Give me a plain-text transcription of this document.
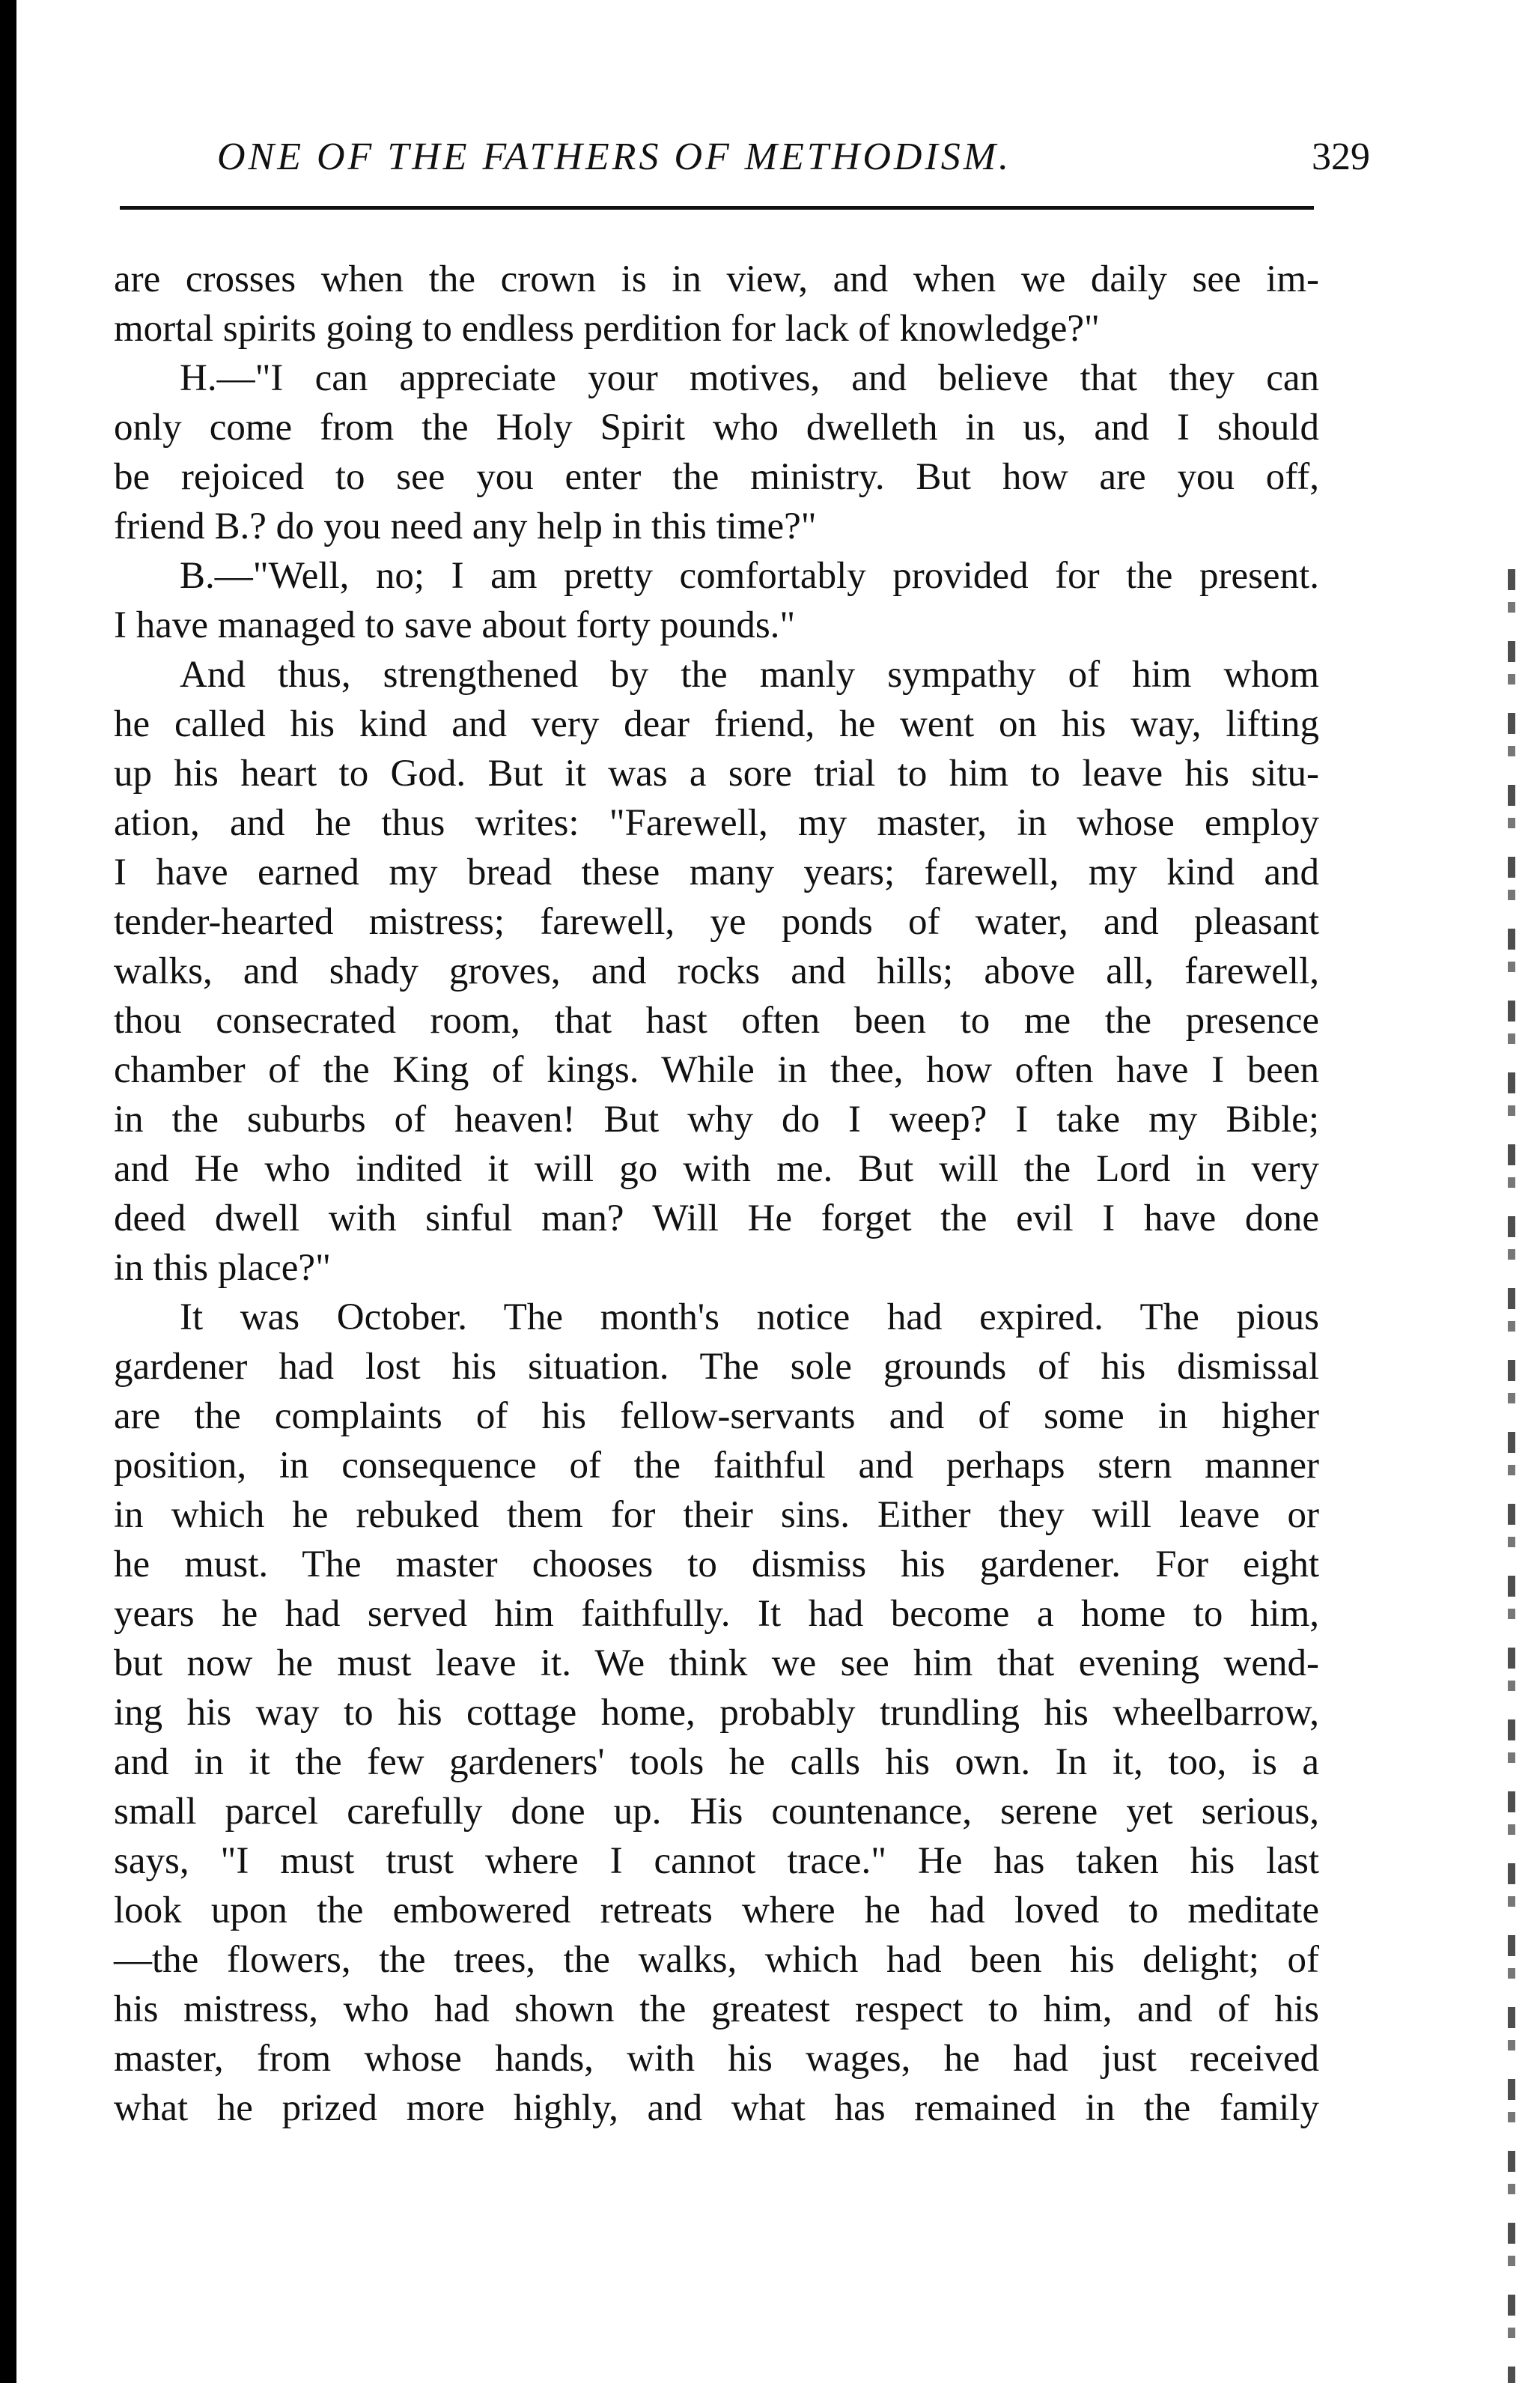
ONE OF THE FATHERS OF METHODISM.	329
are crosses when the crown is in view, and when we daily see im-
mortal spirits going to endless perdition for lack of knowledge?"
H.—"I can appreciate your motives, and believe that they can
only come from the Holy Spirit who dwelleth in us, and I should
be rejoiced to see you enter the ministry. But how are you off,
friend B.? do you need any help in this time?"
B.—"Well, no; I am pretty comfortably provided for the present.
I have managed to save about forty pounds."
And thus, strengthened by the manly sympathy of him whom
he called his kind and very dear friend, he went on his way, lifting
up his heart to God. But it was a sore trial to him to leave his situ-
ation, and he thus writes: "Farewell, my master, in whose employ
I have earned my bread these many years; farewell, my kind and
tender-hearted mistress; farewell, ye ponds of water, and pleasant
walks, and shady groves, and rocks and hills; above all, farewell,
thou consecrated room, that hast often been to me the presence
chamber of the King of kings. While in thee, how often have I been
in the suburbs of heaven! But why do I weep? I take my Bible;
and He who indited it will go with me. But will the Lord in very
deed dwell with sinful man? Will He forget the evil I have done
in this place?"
It was October. The month's notice had expired. The pious
gardener had lost his situation. The sole grounds of his dismissal
are the complaints of his fellow-servants and of some in higher
position, in consequence of the faithful and perhaps stern manner
in which he rebuked them for their sins. Either they will leave or
he must. The master chooses to dismiss his gardener. For eight
years he had served him faithfully. It had become a home to him,
but now he must leave it. We think we see him that evening wend-
ing his way to his cottage home, probably trundling his wheelbarrow,
and in it the few gardeners' tools he calls his own. In it, too, is a
small parcel carefully done up. His countenance, serene yet serious,
says, "I must trust where I cannot trace." He has taken his last
look upon the embowered retreats where he had loved to meditate
—the flowers, the trees, the walks, which had been his delight; of
his mistress, who had shown the greatest respect to him, and of his
master, from whose hands, with his wages, he had just received
what he prized more highly, and what has remained in the family
